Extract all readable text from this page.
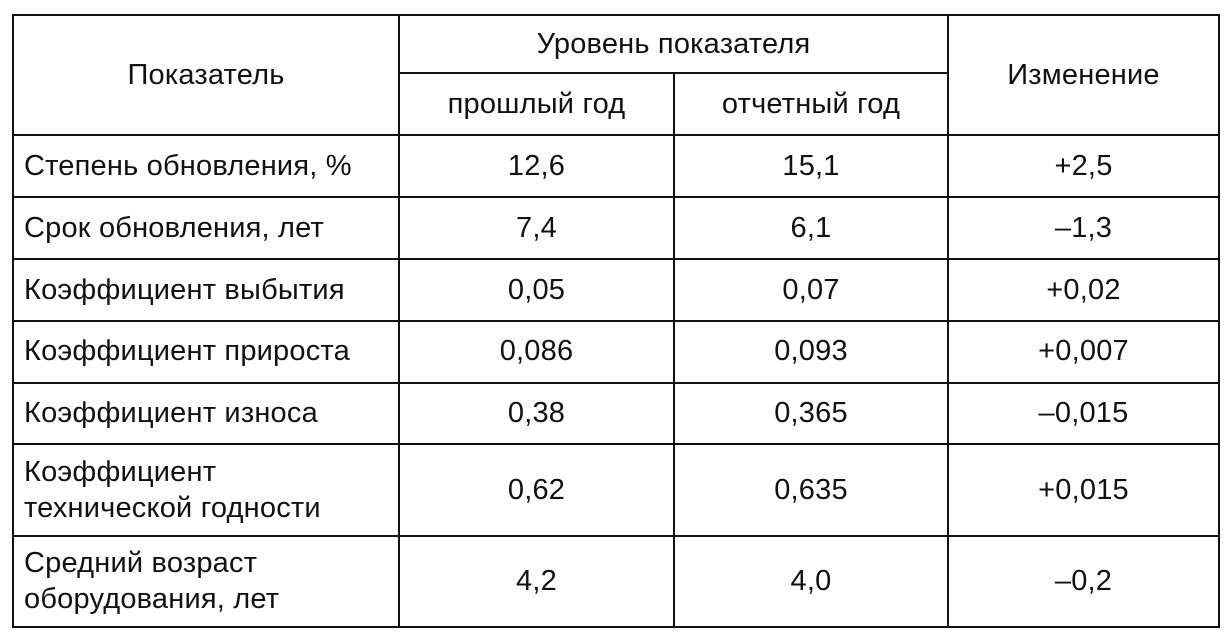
Показатель	Уровень показателя		Изменение
	прошлый год	отчетный год	
Степень обновления, %	12,6	15,1	+2,5
Срок обновления, лет	7,4	6,1	–1,3
Коэффициент выбытия	0,05	0,07	+0,02
Коэффициент прироста	0,086	0,093	+0,007
Коэффициент износа	0,38	0,365	–0,015
Коэффициент
технической годности	0,62	0,635	+0,015
Средний возраст
оборудования, лет	4,2	4,0	–0,2
